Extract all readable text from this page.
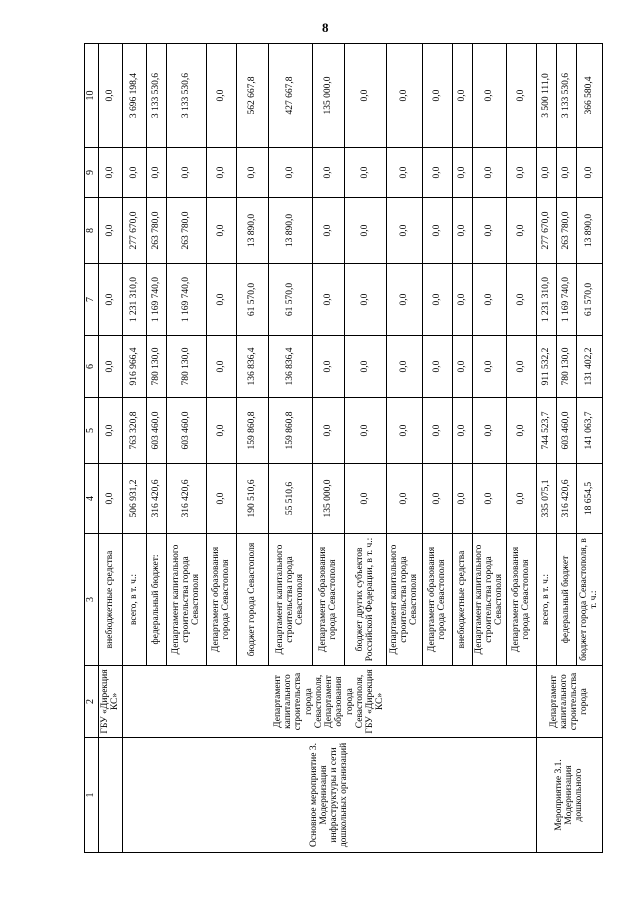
8
1	2	3	4	5	6	7	8	9	10
	ГБУ «Дирекция КС»	внебюджетные средства	0,0	0,0	0,0	0,0	0,0	0,0	0,0
Основное мероприятие 3. Модернизация инфраструктуры и сети дошкольных организаций	Департамент капитального строительства города Севастополя, Департамент образования города Севастополя, ГБУ «Дирекция КС»	всего, в т. ч.:	506 931,2	763 320,8	916 966,4	1 231 310,0	277 670,0	0,0	3 696 198,4
		федеральный бюджет:	316 420,6	603 460,0	780 130,0	1 169 740,0	263 780,0	0,0	3 133 530,6
		Департамент капитального строительства города Севастополя	316 420,6	603 460,0	780 130,0	1 169 740,0	263 780,0	0,0	3 133 530,6
		Департамент образования города Севастополя	0,0	0,0	0,0	0,0	0,0	0,0	0,0
		бюджет города Севастополя	190 510,6	159 860,8	136 836,4	61 570,0	13 890,0	0,0	562 667,8
		Департамент капитального строительства города Севастополя	55 510,6	159 860,8	136 836,4	61 570,0	13 890,0	0,0	427 667,8
		Департамент образования города Севастополя	135 000,0	0,0	0,0	0,0	0,0	0,0	135 000,0
		бюджет других субъектов Российской Федерации, в т. ч.:	0,0	0,0	0,0	0,0	0,0	0,0	0,0
		Департамент капитального строительства города Севастополя	0,0	0,0	0,0	0,0	0,0	0,0	0,0
		Департамент образования города Севастополя	0,0	0,0	0,0	0,0	0,0	0,0	0,0
		внебюджетные средства	0,0	0,0	0,0	0,0	0,0	0,0	0,0
		Департамент капитального строительства города Севастополя	0,0	0,0	0,0	0,0	0,0	0,0	0,0
		Департамент образования города Севастополя	0,0	0,0	0,0	0,0	0,0	0,0	0,0
Мероприятие 3.1. Модернизация дошкольного	Департамент капитального строительства города	всего, в т. ч.:	335 075,1	744 523,7	911 532,2	1 231 310,0	277 670,0	0,0	3 500 111,0
		федеральный бюджет	316 420,6	603 460,0	780 130,0	1 169 740,0	263 780,0	0,0	3 133 530,6
		бюджет города Севастополя, в т. ч.:	18 654,5	141 063,7	131 402,2	61 570,0	13 890,0	0,0	366 580,4
